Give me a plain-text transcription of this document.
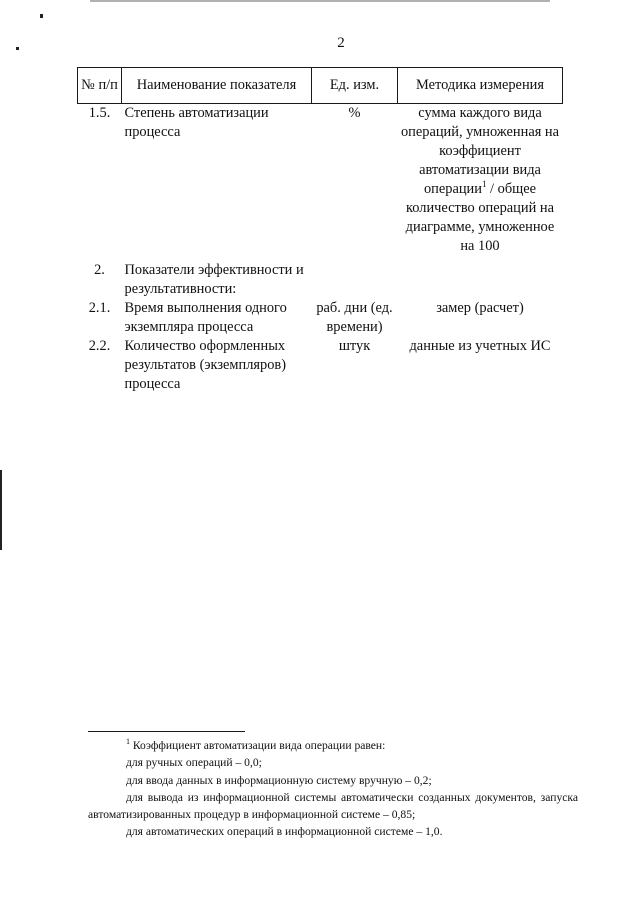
2
№ п/п	Наименование показателя	Ед. изм.	Методика измерения
1.5.	Степень автоматизации процесса	%	сумма каждого вида операций, умноженная на коэффициент автоматизации вида операции$^1$ / общее количество операций на диаграмме, умноженное на 100
2.	Показатели эффективности и результативности:		
2.1.	Время выполнения одного экземпляра процесса	раб. дни (ед. времени)	замер (расчет)
2.2.	Количество оформленных результатов (экземпляров) процесса	штук	данные из учетных ИС

$^1$ Коэффициент автоматизации вида операции равен:

для ручных операций – 0,0;

для ввода данных в информационную систему вручную – 0,2;

для вывода из информационной системы автоматически созданных документов, запуска автоматизированных процедур в информационной системе – 0,85;

для автоматических операций в информационной системе – 1,0.
